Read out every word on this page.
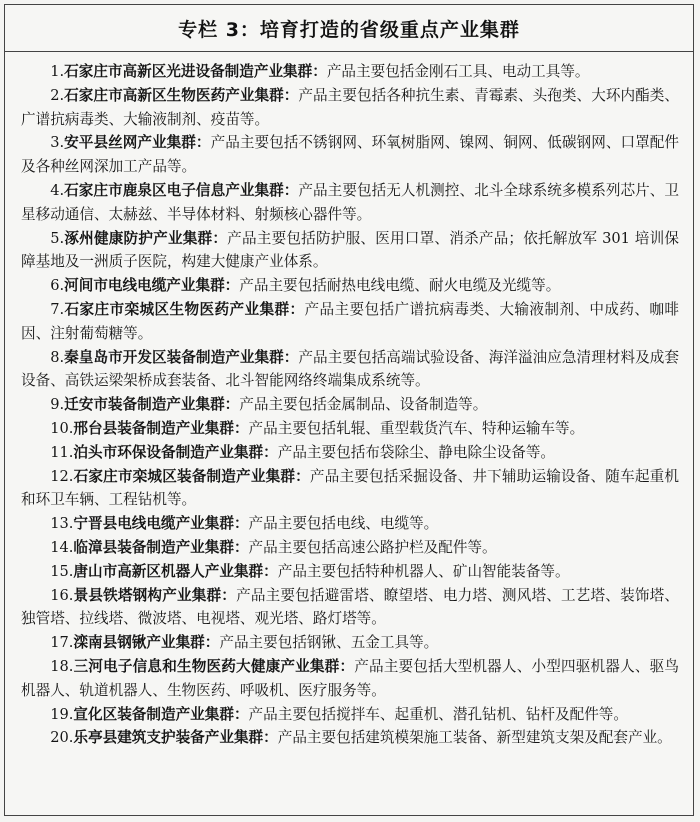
专栏 3：培育打造的省级重点产业集群

1.石家庄市高新区光进设备制造产业集群：产品主要包括金刚石工具、电动工具等。

2.石家庄市高新区生物医药产业集群：产品主要包括各种抗生素、青霉素、头孢类、大环内酯类、广谱抗病毒类、大输液制剂、疫苗等。

3.安平县丝网产业集群：产品主要包括不锈钢网、环氧树脂网、镍网、铜网、低碳钢网、口罩配件及各种丝网深加工产品等。

4.石家庄市鹿泉区电子信息产业集群：产品主要包括无人机测控、北斗全球系统多模系列芯片、卫星移动通信、太赫兹、半导体材料、射频核心器件等。

5.涿州健康防护产业集群：产品主要包括防护服、医用口罩、消杀产品；依托解放军 301 培训保障基地及一洲质子医院，构建大健康产业体系。

6.河间市电线电缆产业集群：产品主要包括耐热电线电缆、耐火电缆及光缆等。

7.石家庄市栾城区生物医药产业集群：产品主要包括广谱抗病毒类、大输液制剂、中成药、咖啡因、注射葡萄糖等。

8.秦皇岛市开发区装备制造产业集群：产品主要包括高端试验设备、海洋溢油应急清理材料及成套设备、高铁运梁架桥成套装备、北斗智能网络终端集成系统等。

9.迁安市装备制造产业集群：产品主要包括金属制品、设备制造等。

10.邢台县装备制造产业集群：产品主要包括轧辊、重型载货汽车、特种运输车等。

11.泊头市环保设备制造产业集群：产品主要包括布袋除尘、静电除尘设备等。

12.石家庄市栾城区装备制造产业集群：产品主要包括采掘设备、井下辅助运输设备、随车起重机和环卫车辆、工程钻机等。

13.宁晋县电线电缆产业集群：产品主要包括电线、电缆等。

14.临漳县装备制造产业集群：产品主要包括高速公路护栏及配件等。

15.唐山市高新区机器人产业集群：产品主要包括特种机器人、矿山智能装备等。

16.景县铁塔钢构产业集群：产品主要包括避雷塔、瞭望塔、电力塔、测风塔、工艺塔、装饰塔、独管塔、拉线塔、微波塔、电视塔、观光塔、路灯塔等。

17.滦南县钢锹产业集群：产品主要包括钢锹、五金工具等。

18.三河电子信息和生物医药大健康产业集群：产品主要包括大型机器人、小型四驱机器人、驱鸟机器人、轨道机器人、生物医药、呼吸机、医疗服务等。

19.宣化区装备制造产业集群：产品主要包括搅拌车、起重机、潜孔钻机、钻杆及配件等。

20.乐亭县建筑支护装备产业集群：产品主要包括建筑模架施工装备、新型建筑支架及配套产业。
